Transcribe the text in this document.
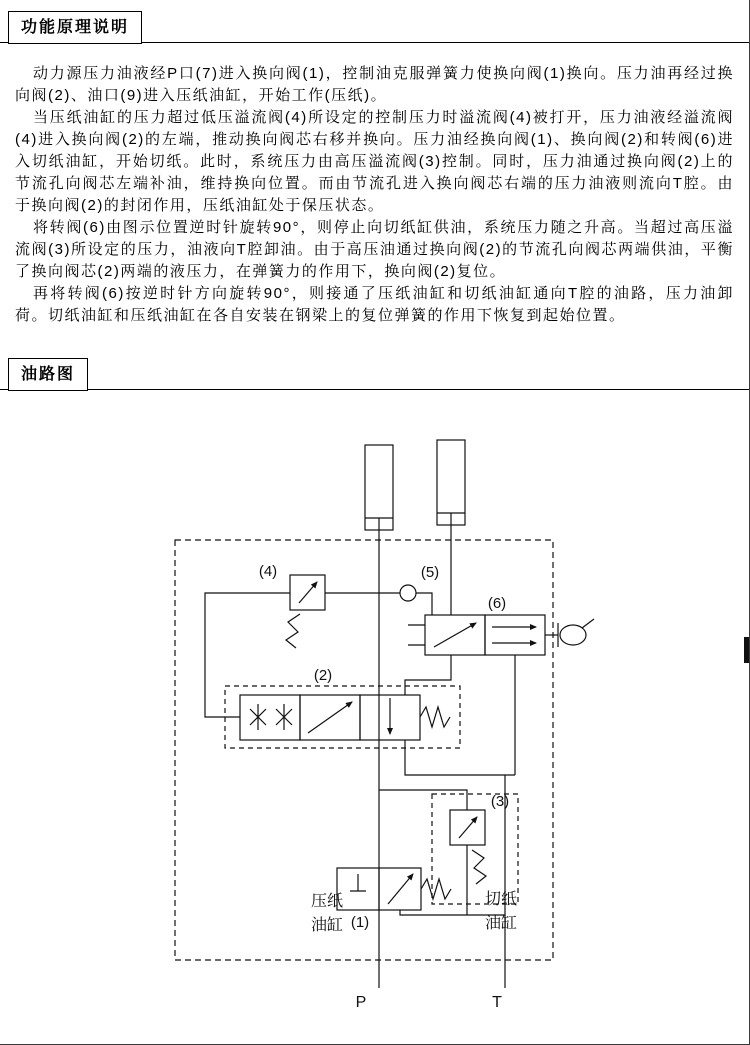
功能原理说明

动力源压力油液经P口(7)进入换向阀(1)，控制油克服弹簧力使换向阀(1)换向。压力油再经过换向阀(2)、油口(9)进入压纸油缸，开始工作(压纸)。

当压纸油缸的压力超过低压溢流阀(4)所设定的控制压力时溢流阀(4)被打开，压力油液经溢流阀(4)进入换向阀(2)的左端，推动换向阀芯右移并换向。压力油经换向阀(1)、换向阀(2)和转阀(6)进入切纸油缸，开始切纸。此时，系统压力由高压溢流阀(3)控制。同时，压力油通过换向阀(2)上的节流孔向阀芯左端补油，维持换向位置。而由节流孔进入换向阀芯右端的压力油液则流向T腔。由于换向阀(2)的封闭作用，压纸油缸处于保压状态。

将转阀(6)由图示位置逆时针旋转90°，则停止向切纸缸供油，系统压力随之升高。当超过高压溢流阀(3)所设定的压力，油液向T腔卸油。由于高压油通过换向阀(2)的节流孔向阀芯两端供油，平衡了换向阀芯(2)两端的液压力，在弹簧力的作用下，换向阀(2)复位。

再将转阀(6)按逆时针方向旋转90°，则接通了压纸油缸和切纸油缸通向T腔的油路，压力油卸荷。切纸油缸和压纸油缸在各自安装在钢梁上的复位弹簧的作用下恢复到起始位置。

油路图
(4)	(5)
(6)
(2)
(3)
(1)
P	T
压纸
油缸
切纸
油缸
